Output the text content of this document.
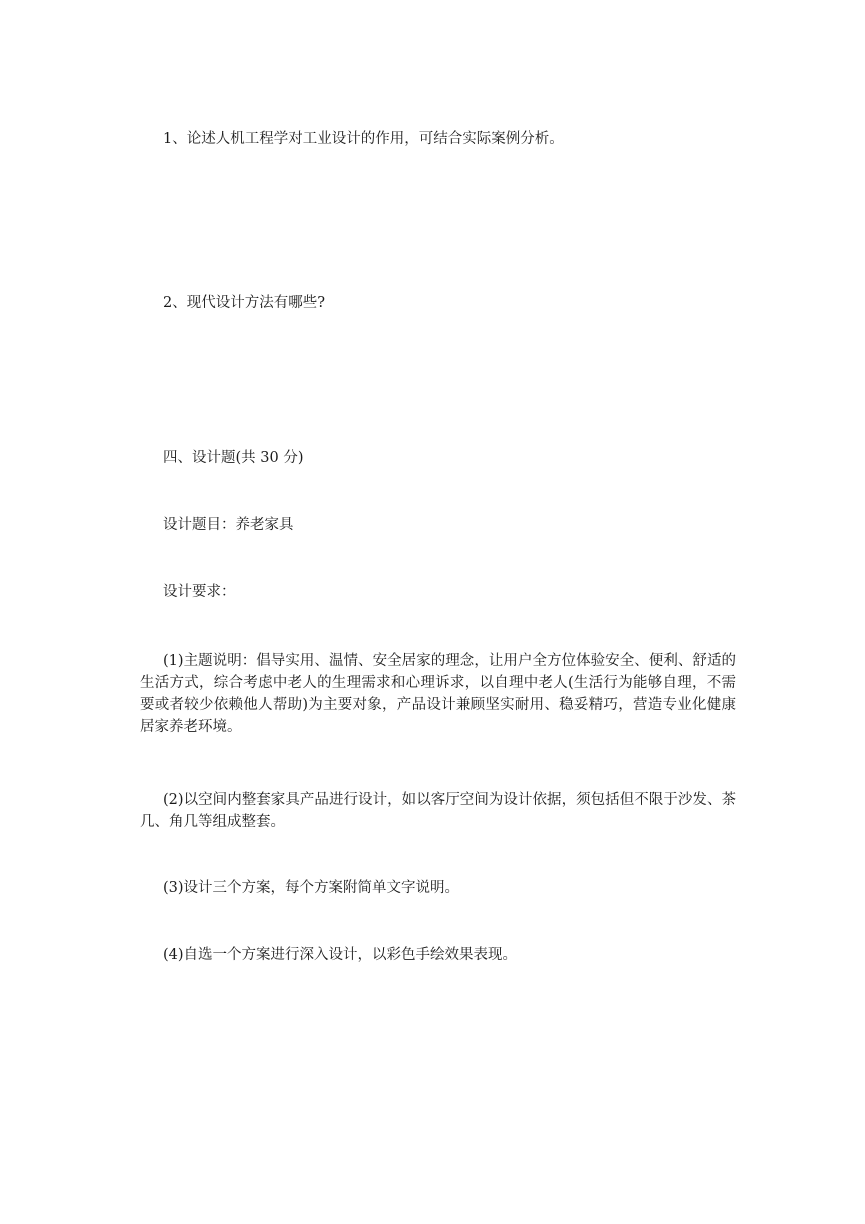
1、论述人机工程学对工业设计的作用，可结合实际案例分析。
2、现代设计方法有哪些?
四、设计题(共 30 分)
设计题目：养老家具
设计要求：
(1)主题说明：倡导实用、温情、安全居家的理念，让用户全方位体验安全、便利、舒适的生活方式，综合考虑中老人的生理需求和心理诉求，以自理中老人(生活行为能够自理，不需要或者较少依赖他人帮助)为主要对象，产品设计兼顾坚实耐用、稳妥精巧，营造专业化健康居家养老环境。
(2)以空间内整套家具产品进行设计，如以客厅空间为设计依据，须包括但不限于沙发、茶几、角几等组成整套。
(3)设计三个方案，每个方案附简单文字说明。
(4)自选一个方案进行深入设计，以彩色手绘效果表现。
